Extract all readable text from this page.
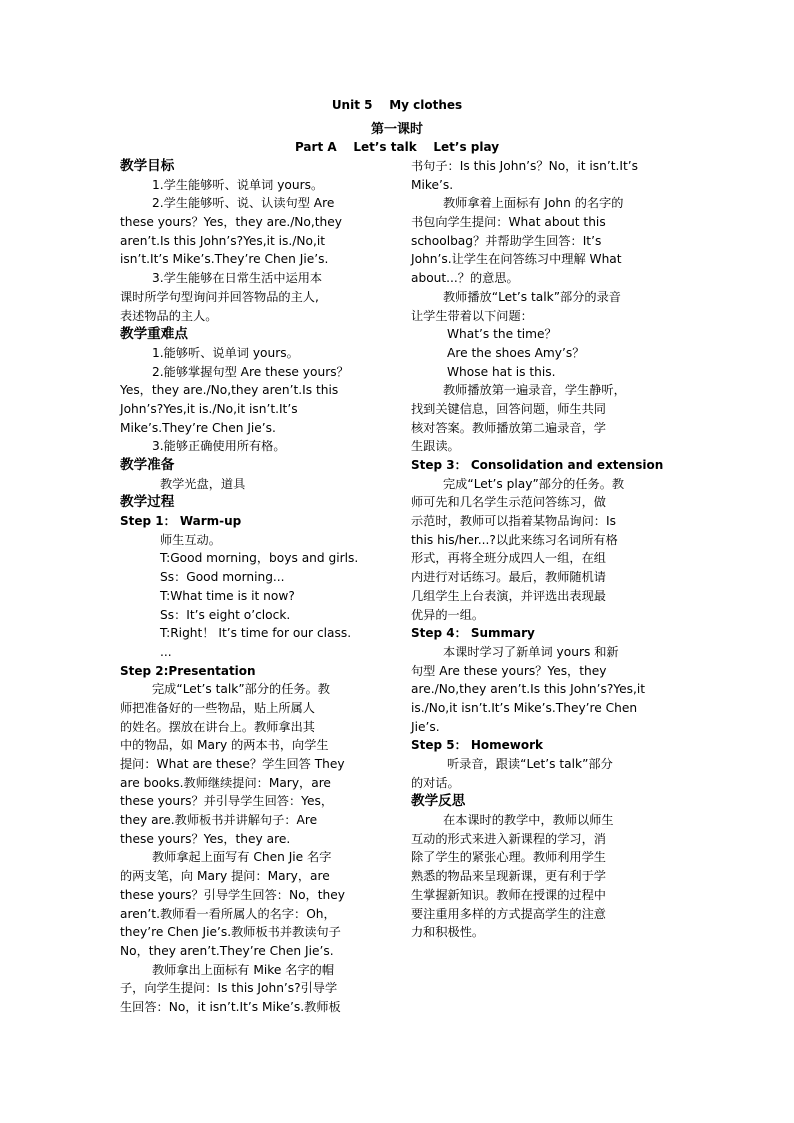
Unit 5    My clothes
第一课时
Part A    Let’s talk    Let’s play
教学目标
1.学生能够听、说单词 yours。
2.学生能够听、说、认读句型 Are
these yours？Yes，they are./No,they
aren’t.Is this John’s?Yes,it is./No,it
isn’t.It’s Mike’s.They’re Chen Jie’s.
3.学生能够在日常生活中运用本
课时所学句型询问并回答物品的主人,
表述物品的主人。
教学重难点
1.能够听、说单词 yours。
2.能够掌握句型 Are these yours？
Yes，they are./No,they aren’t.Is this
John’s?Yes,it is./No,it isn’t.It’s
Mike’s.They’re Chen Jie’s.
3.能够正确使用所有格。
教学准备
教学光盘，道具
教学过程
Step 1： Warm-up
师生互动。
T:Good morning，boys and girls.
Ss：Good morning...
T:What time is it now?
Ss：It’s eight o’clock.
T:Right！ It’s time for our class.
...
Step 2:Presentation
完成“Let’s talk”部分的任务。教
师把准备好的一些物品，贴上所属人
的姓名。摆放在讲台上。教师拿出其
中的物品，如 Mary 的两本书，向学生
提问：What are these？学生回答 They
are books.教师继续提问：Mary，are
these yours？并引导学生回答：Yes，
they are.教师板书并讲解句子：Are
these yours？Yes，they are.
教师拿起上面写有 Chen Jie 名字
的两支笔，向 Mary 提问：Mary，are
these yours？引导学生回答：No，they
aren’t.教师看一看所属人的名字：Oh，
they’re Chen Jie’s.教师板书并教读句子
No，they aren’t.They’re Chen Jie’s.
教师拿出上面标有 Mike 名字的帽
子，向学生提问：Is this John’s?引导学
生回答：No，it isn’t.It’s Mike’s.教师板
书句子：Is this John’s？No，it isn’t.It’s
Mike’s.
教师拿着上面标有 John 的名字的
书包向学生提问：What about this
schoolbag？并帮助学生回答：It’s
John’s.让学生在问答练习中理解 What
about...？的意思。
教师播放“Let’s talk”部分的录音
让学生带着以下问题：
What’s the time？
Are the shoes Amy’s？
Whose hat is this.
教师播放第一遍录音，学生静听，
找到关键信息，回答问题，师生共同
核对答案。教师播放第二遍录音，学
生跟读。
Step 3： Consolidation and extension
完成“Let’s play”部分的任务。教
师可先和几名学生示范问答练习，做
示范时，教师可以指着某物品询问：Is
this his/her...?以此来练习名词所有格
形式，再将全班分成四人一组，在组
内进行对话练习。最后，教师随机请
几组学生上台表演，并评选出表现最
优异的一组。
Step 4： Summary
本课时学习了新单词 yours 和新
句型 Are these yours？Yes，they
are./No,they aren’t.Is this John’s?Yes,it
is./No,it isn’t.It’s Mike’s.They’re Chen
Jie’s.
Step 5： Homework
听录音，跟读“Let’s talk”部分
的对话。
教学反思
在本课时的教学中，教师以师生
互动的形式来进入新课程的学习，消
除了学生的紧张心理。教师利用学生
熟悉的物品来呈现新课，更有利于学
生掌握新知识。教师在授课的过程中
要注重用多样的方式提高学生的注意
力和积极性。
